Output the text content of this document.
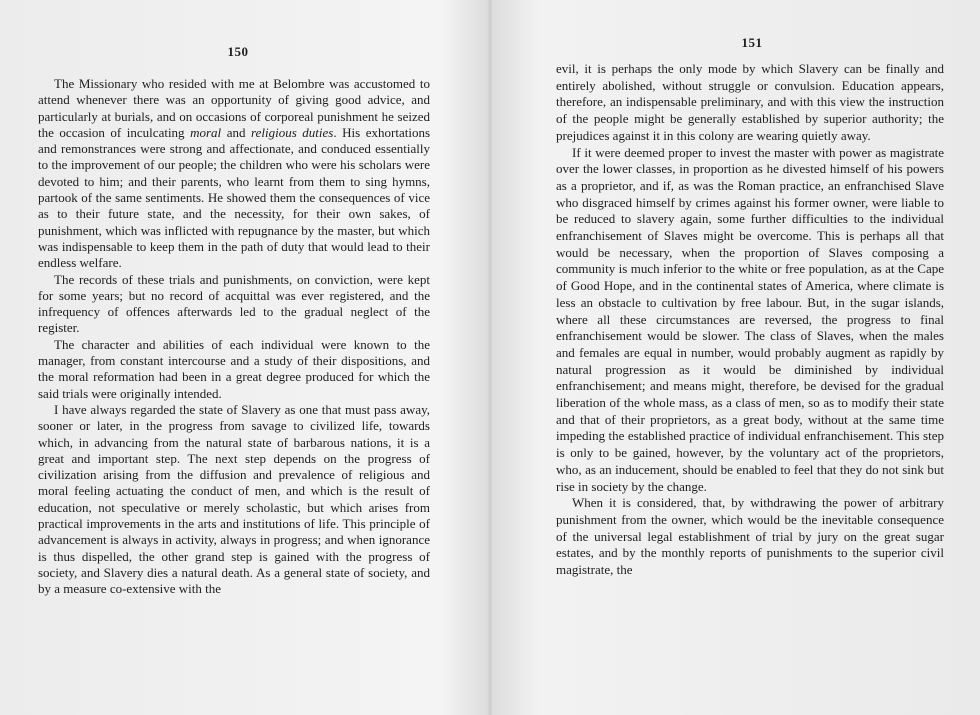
150

The Missionary who resided with me at Belombre was accustomed to attend whenever there was an opportunity of giving good advice, and particularly at burials, and on occasions of corporeal punishment he seized the occasion of inculcating moral and religious duties. His exhortations and remonstrances were strong and affectionate, and conduced essentially to the improvement of our people; the children who were his scholars were devoted to him; and their parents, who learnt from them to sing hymns, partook of the same sentiments. He showed them the consequences of vice as to their future state, and the necessity, for their own sakes, of punishment, which was inflicted with repugnance by the master, but which was indispensable to keep them in the path of duty that would lead to their endless welfare.

The records of these trials and punishments, on conviction, were kept for some years; but no record of acquittal was ever registered, and the infrequency of offences afterwards led to the gradual neglect of the register.

The character and abilities of each individual were known to the manager, from constant intercourse and a study of their dispositions, and the moral reformation had been in a great degree produced for which the said trials were originally intended.

I have always regarded the state of Slavery as one that must pass away, sooner or later, in the progress from savage to civilized life, towards which, in advancing from the natural state of barbarous nations, it is a great and important step. The next step depends on the progress of civilization arising from the diffusion and prevalence of religious and moral feeling actuating the conduct of men, and which is the result of education, not speculative or merely scholastic, but which arises from practical improvements in the arts and institutions of life. This principle of advancement is always in activity, always in progress; and when ignorance is thus dispelled, the other grand step is gained with the progress of society, and Slavery dies a natural death. As a general state of society, and by a measure co-extensive with the

151

evil, it is perhaps the only mode by which Slavery can be finally and entirely abolished, without struggle or convulsion. Education appears, therefore, an indispensable preliminary, and with this view the instruction of the people might be generally established by superior authority; the prejudices against it in this colony are wearing quietly away.

If it were deemed proper to invest the master with power as magistrate over the lower classes, in proportion as he divested himself of his powers as a proprietor, and if, as was the Roman practice, an enfranchised Slave who disgraced himself by crimes against his former owner, were liable to be reduced to slavery again, some further difficulties to the individual enfranchisement of Slaves might be overcome. This is perhaps all that would be necessary, when the proportion of Slaves composing a community is much inferior to the white or free population, as at the Cape of Good Hope, and in the continental states of America, where climate is less an obstacle to cultivation by free labour. But, in the sugar islands, where all these circumstances are reversed, the progress to final enfranchisement would be slower. The class of Slaves, when the males and females are equal in number, would probably augment as rapidly by natural progression as it would be diminished by individual enfranchisement; and means might, therefore, be devised for the gradual liberation of the whole mass, as a class of men, so as to modify their state and that of their proprietors, as a great body, without at the same time impeding the established practice of individual enfranchisement. This step is only to be gained, however, by the voluntary act of the proprietors, who, as an inducement, should be enabled to feel that they do not sink but rise in society by the change.

When it is considered, that, by withdrawing the power of arbitrary punishment from the owner, which would be the inevitable consequence of the universal legal establishment of trial by jury on the great sugar estates, and by the monthly reports of punishments to the superior civil magistrate, the
